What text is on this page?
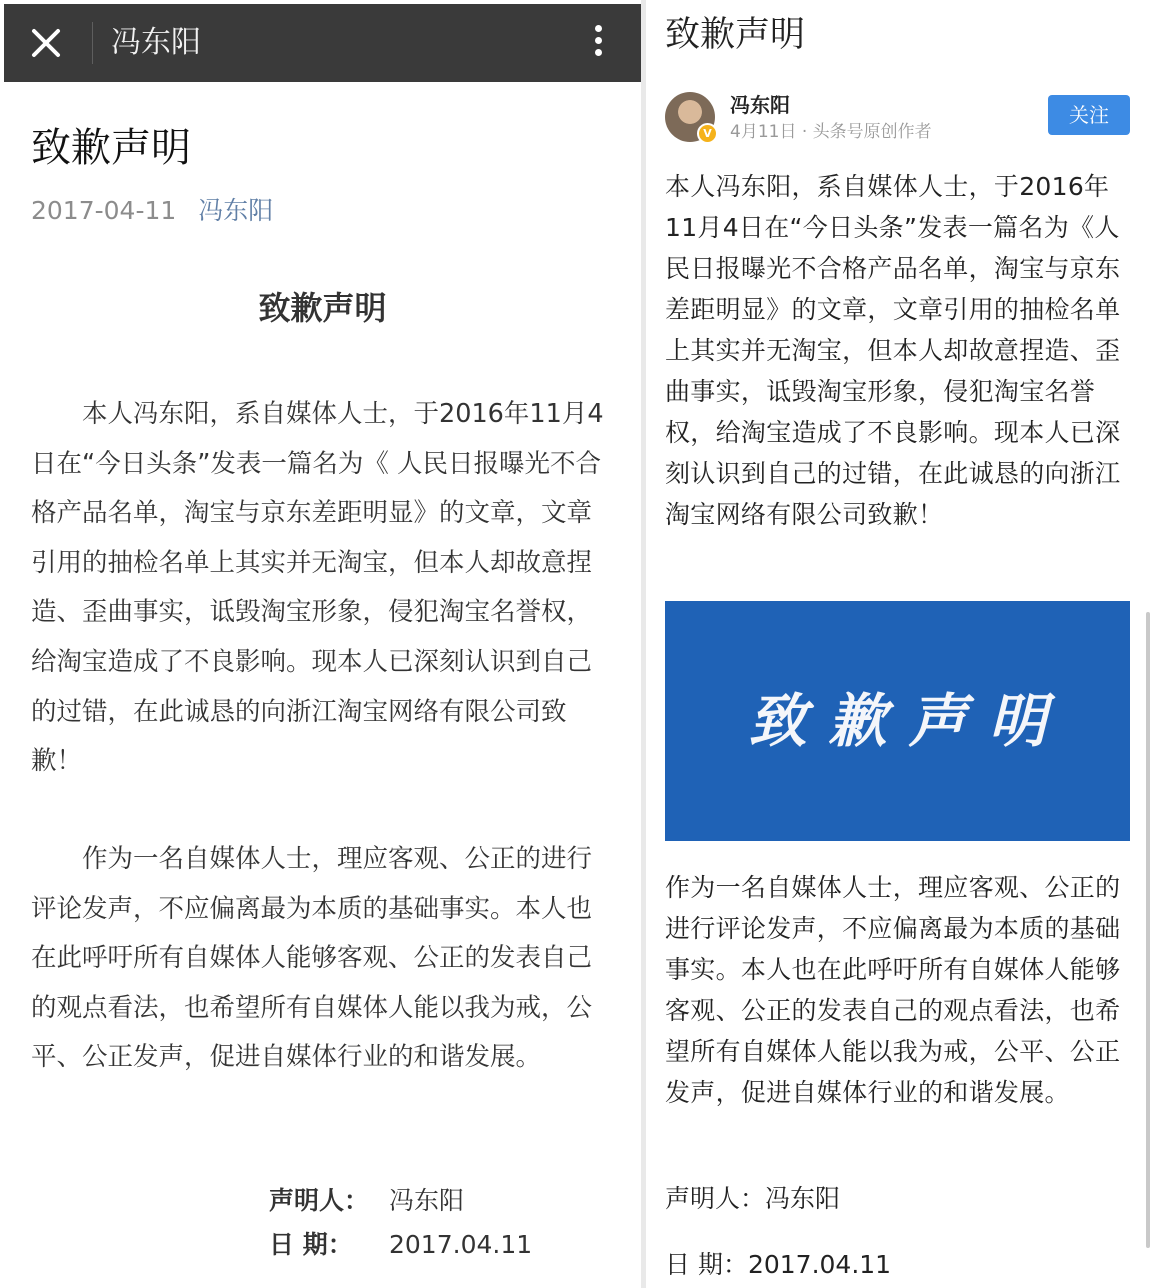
冯东阳
致歉声明
2017-04-11 冯东阳
致歉声明

本人冯东阳，系自媒体人士，于2016年11月4日在“今日头条”发表一篇名为《 人民日报曝光不合格产品名单，淘宝与京东差距明显》的文章，文章引用的抽检名单上其实并无淘宝，但本人却故意捏造、歪曲事实，诋毁淘宝形象，侵犯淘宝名誉权，给淘宝造成了不良影响。现本人已深刻认识到自己的过错，在此诚恳的向浙江淘宝网络有限公司致歉！

作为一名自媒体人士，理应客观、公正的进行评论发声，不应偏离最为本质的基础事实。本人也在此呼吁所有自媒体人能够客观、公正的发表自己的观点看法，也希望所有自媒体人能以我为戒，公平、公正发声，促进自媒体行业的和谐发展。

声明人： 冯东阳
日 期： 2017.04.11
致歉声明
V
冯东阳
4月11日 · 头条号原创作者
关注

本人冯东阳，系自媒体人士，于2016年11月4日在“今日头条”发表一篇名为《人民日报曝光不合格产品名单，淘宝与京东差距明显》的文章，文章引用的抽检名单上其实并无淘宝，但本人却故意捏造、歪曲事实，诋毁淘宝形象，侵犯淘宝名誉权，给淘宝造成了不良影响。现本人已深刻认识到自己的过错，在此诚恳的向浙江淘宝网络有限公司致歉！

致歉声明

作为一名自媒体人士，理应客观、公正的进行评论发声，不应偏离最为本质的基础事实。本人也在此呼吁所有自媒体人能够客观、公正的发表自己的观点看法，也希望所有自媒体人能以我为戒，公平、公正发声，促进自媒体行业的和谐发展。

声明人：冯东阳
日 期：2017.04.11
